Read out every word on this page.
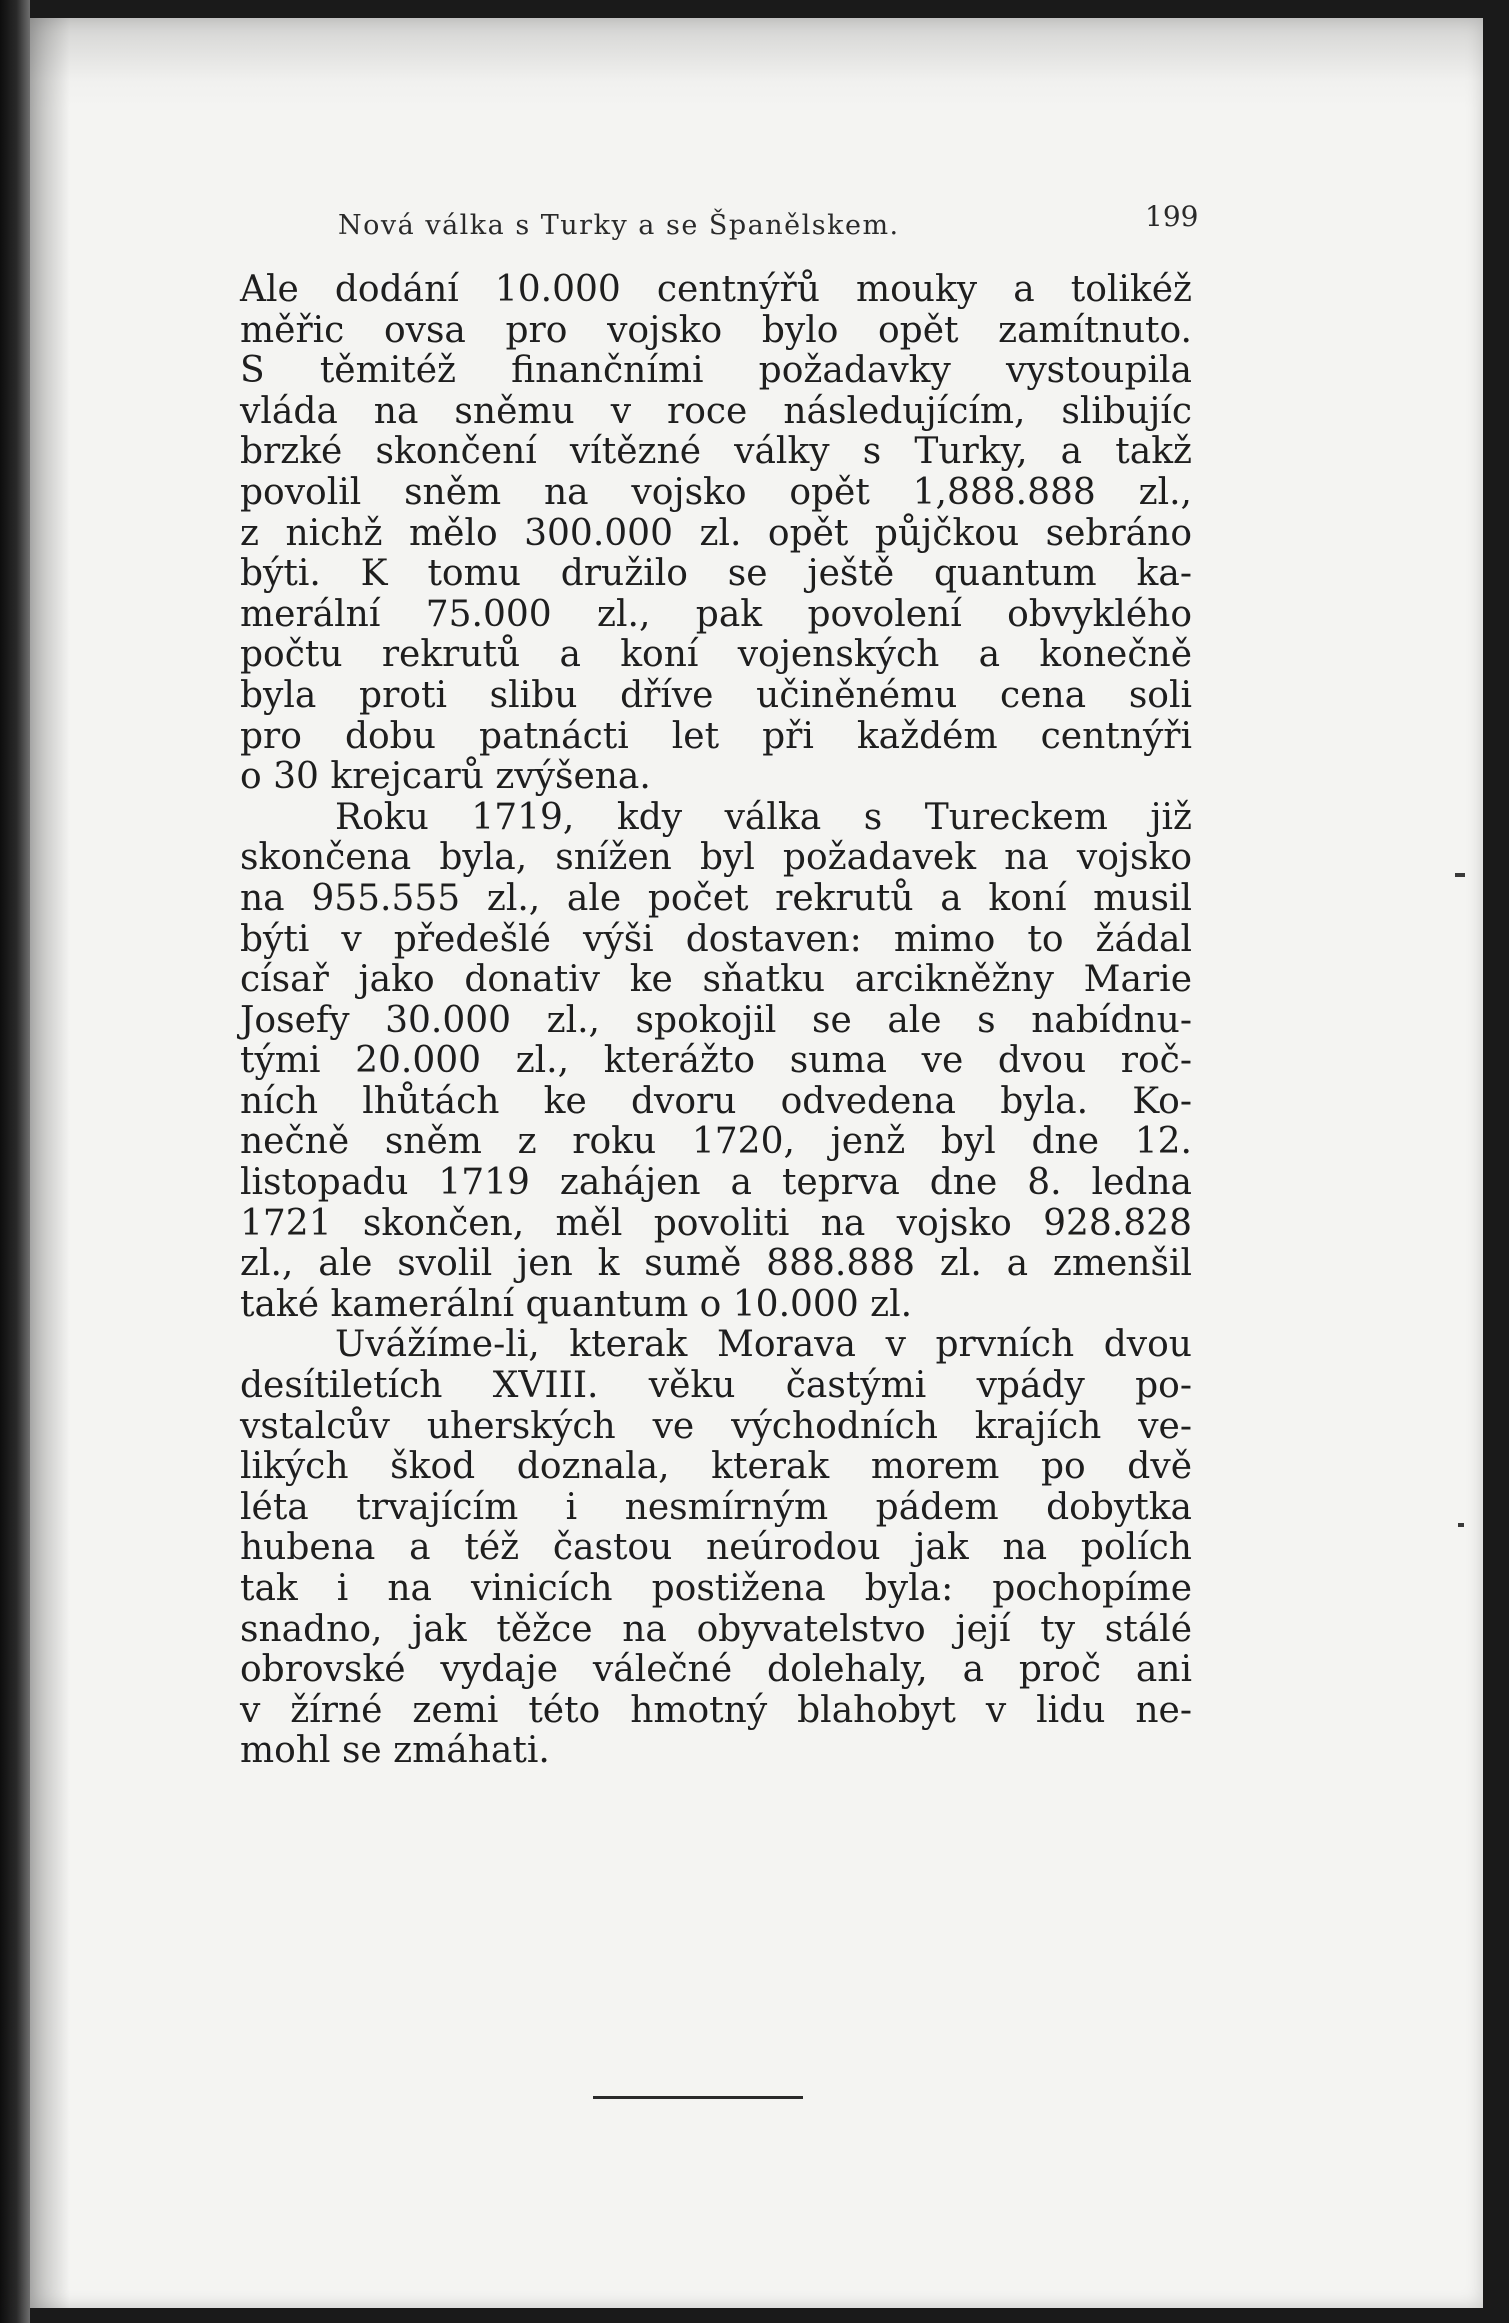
Nová válka s Turky a se Španělskem.	199

Ale dodání 10.000 centnýřů mouky a tolikéž
měřic ovsa pro vojsko bylo opět zamítnuto.
S těmitéž finančními požadavky vystoupila
vláda na sněmu v roce následujícím, slibujíc
brzké skončení vítězné války s Turky, a takž
povolil sněm na vojsko opět 1,888.888 zl.,
z nichž mělo 300.000 zl. opět půjčkou sebráno
býti. K tomu družilo se ještě quantum ka-
merální 75.000 zl., pak povolení obvyklého
počtu rekrutů a koní vojenských a konečně
byla proti slibu dříve učiněnému cena soli
pro dobu patnácti let při každém centnýři
o 30 krejcarů zvýšena.

Roku 1719, kdy válka s Tureckem již
skončena byla, snížen byl požadavek na vojsko
na 955.555 zl., ale počet rekrutů a koní musil
býti v předešlé výši dostaven: mimo to žádal
císař jako donativ ke sňatku arcikněžny Marie
Josefy 30.000 zl., spokojil se ale s nabídnu-
tými 20.000 zl., kterážto suma ve dvou roč-
ních lhůtách ke dvoru odvedena byla. Ko-
nečně sněm z roku 1720, jenž byl dne 12.
listopadu 1719 zahájen a teprva dne 8. ledna
1721 skončen, měl povoliti na vojsko 928.828
zl., ale svolil jen k sumě 888.888 zl. a zmenšil
také kamerální quantum o 10.000 zl.

Uvážíme-li, kterak Morava v prvních dvou
desítiletích XVIII. věku častými vpády po-
vstalcův uherských ve východních krajích ve-
likých škod doznala, kterak morem po dvě
léta trvajícím i nesmírným pádem dobytka
hubena a též častou neúrodou jak na polích
tak i na vinicích postižena byla: pochopíme
snadno, jak těžce na obyvatelstvo její ty stálé
obrovské vydaje válečné dolehaly, a proč ani
v žírné zemi této hmotný blahobyt v lidu ne-
mohl se zmáhati.
